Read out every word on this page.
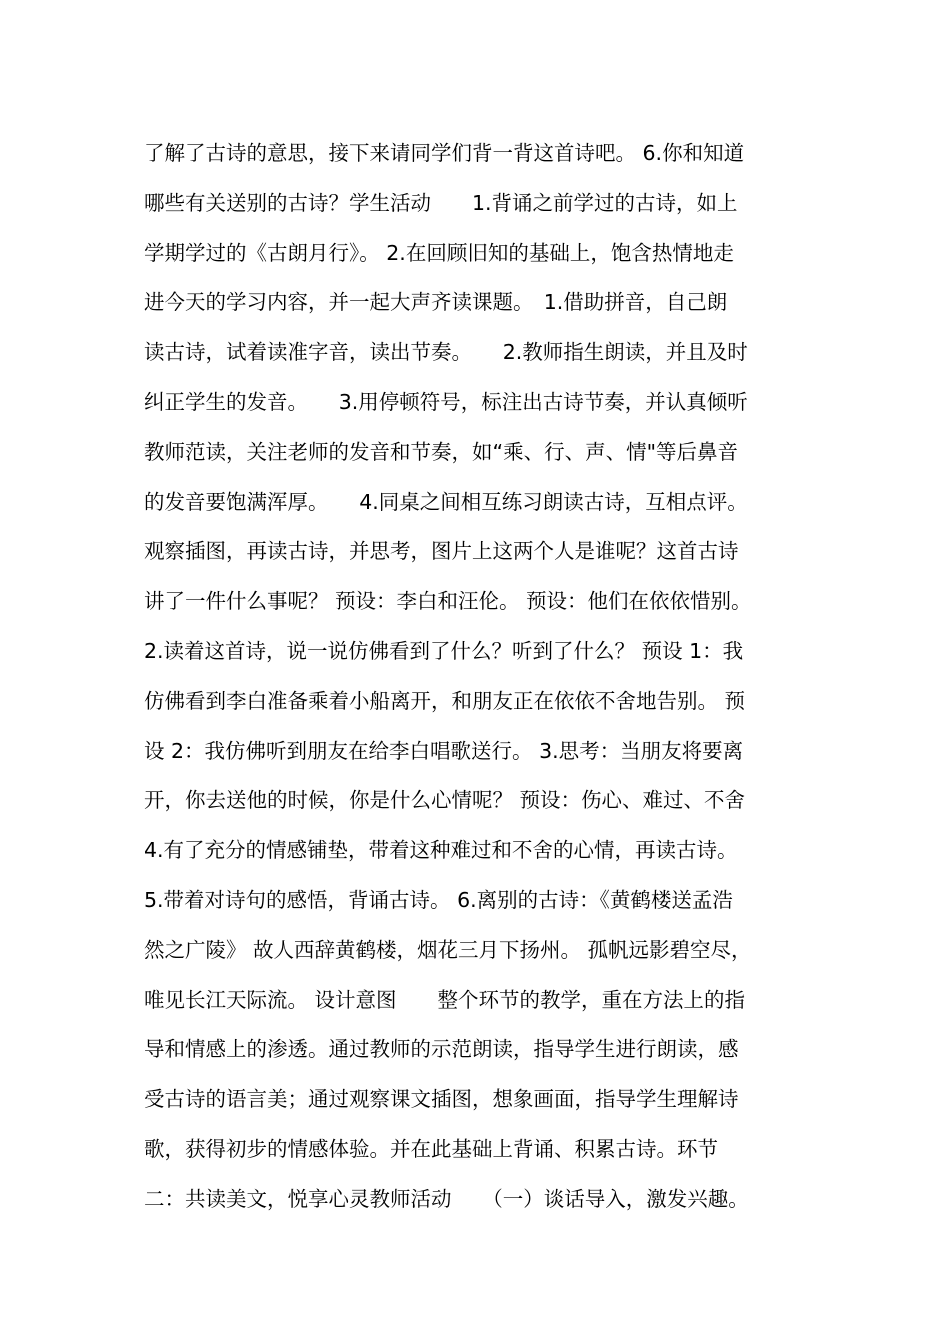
了解了古诗的意思，接下来请同学们背一背这首诗吧。 6.你和知道
哪些有关送别的古诗？学生活动　　1.背诵之前学过的古诗，如上
学期学过的《古朗月行》。 2.在回顾旧知的基础上，饱含热情地走
进今天的学习内容，并一起大声齐读课题。　1.借助拼音，自己朗
读古诗，试着读准字音，读出节奏。　　2.教师指生朗读，并且及时
纠正学生的发音。　　3.用停顿符号，标注出古诗节奏，并认真倾听
教师范读，关注老师的发音和节奏，如“乘、行、声、情"等后鼻音
的发音要饱满浑厚。　　4.同桌之间相互练习朗读古诗，互相点评。
观察插图，再读古诗，并思考，图片上这两个人是谁呢？这首古诗
讲了一件什么事呢？ 预设：李白和汪伦。 预设：他们在依依惜别。
2.读着这首诗，说一说仿佛看到了什么？听到了什么？ 预设 1：我
仿佛看到李白准备乘着小船离开，和朋友正在依依不舍地告别。 预
设 2：我仿佛听到朋友在给李白唱歌送行。 3.思考：当朋友将要离
开，你去送他的时候，你是什么心情呢？ 预设：伤心、难过、不舍
4.有了充分的情感铺垫，带着这种难过和不舍的心情，再读古诗。
5.带着对诗句的感悟，背诵古诗。 6.离别的古诗：《黄鹤楼送孟浩
然之广陵》 故人西辞黄鹤楼，烟花三月下扬州。 孤帆远影碧空尽，
唯见长江天际流。 设计意图　　整个环节的教学，重在方法上的指
导和情感上的渗透。通过教师的示范朗读，指导学生进行朗读，感
受古诗的语言美；通过观察课文插图，想象画面，指导学生理解诗
歌，获得初步的情感体验。并在此基础上背诵、积累古诗。环节
二：共读美文，悦享心灵教师活动　　（一）谈话导入，激发兴趣。
